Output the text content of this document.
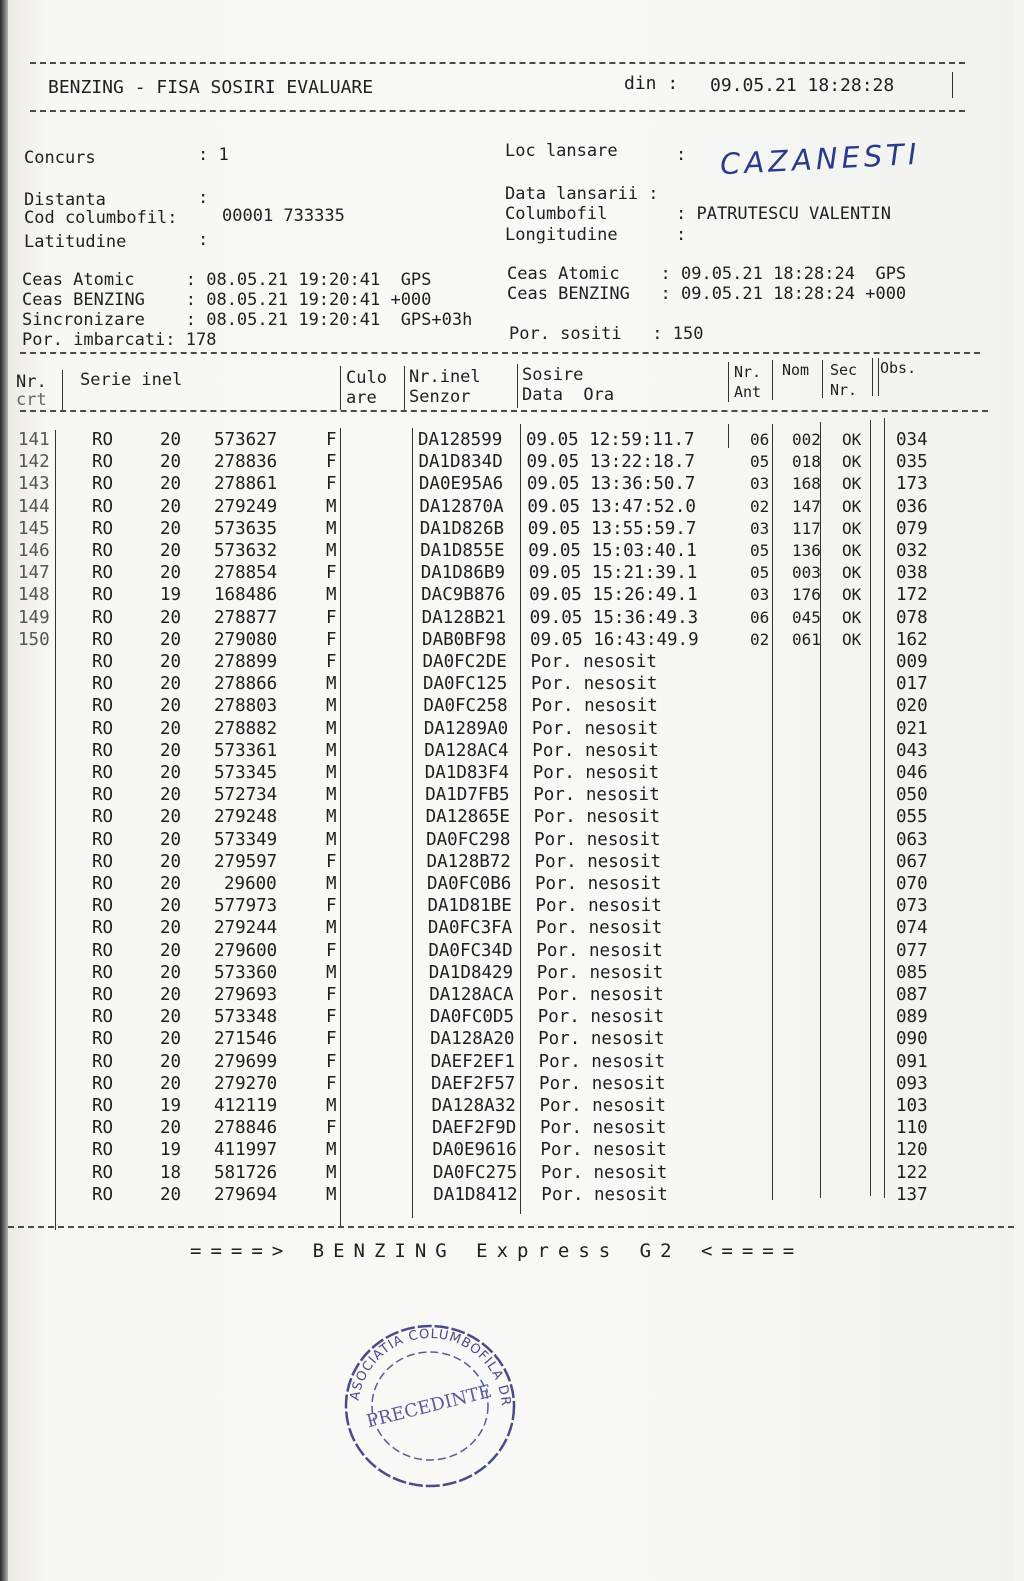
BENZING - FISA SOSIRI EVALUARE	din : 09.05.21 18:28:28
Concurs	: 1	Loc lansare	: CAZANESTI
Distanta	:	Data lansarii :
Cod columbofil:	00001 733335	Columbofil	: PATRUTESCU VALENTIN
Latitudine	:	Longitudine	:
Ceas Atomic     : 08.05.21 19:20:41  GPS
Ceas BENZING    : 08.05.21 19:20:41 +000
Sincronizare    : 08.05.21 19:20:41  GPS+03h
Por. imbarcati: 178
Ceas Atomic    : 09.05.21 18:28:24  GPS
Ceas BENZING   : 09.05.21 18:28:24 +000
Por. sositi   : 150
Nr.
crt
Serie inel	Culo
are
Nr.inel
Senzor
Sosire
Data  Ora
Nr.
Ant
Nom Sec
Nr.
Obs.
141 RO	20 573627	F	DA128599 09.05 12:59:11.7	06 002 OK 034
142 RO	20 278836	F	DA1D834D 09.05 13:22:18.7	05 018 OK 035
143 RO	20 278861	F	DA0E95A6 09.05 13:36:50.7	03 168 OK 173
144 RO	20 279249	M	DA12870A 09.05 13:47:52.0	02 147 OK 036
145 RO	20 573635	M	DA1D826B 09.05 13:55:59.7	03 117 OK 079
146 RO	20 573632	M	DA1D855E 09.05 15:03:40.1	05 136 OK 032
147 RO	20 278854	F	DA1D86B9 09.05 15:21:39.1	05 003 OK 038
148 RO	19 168486	M	DAC9B876 09.05 15:26:49.1	03 176 OK 172
149 RO	20 278877	F	DA128B21 09.05 15:36:49.3	06 045 OK 078
150 RO	20 279080	F	DAB0BF98 09.05 16:43:49.9	02 061 OK 162
RO	20 278899	F	DA0FC2DE Por. nesosit	009
RO	20 278866	M	DA0FC125 Por. nesosit	017
RO	20 278803	M	DA0FC258 Por. nesosit	020
RO	20 278882	M	DA1289A0 Por. nesosit	021
RO	20 573361	M	DA128AC4 Por. nesosit	043
RO	20 573345	M	DA1D83F4 Por. nesosit	046
RO	20 572734	M	DA1D7FB5 Por. nesosit	050
RO	20 279248	M	DA12865E Por. nesosit	055
RO	20 573349	M	DA0FC298 Por. nesosit	063
RO	20 279597	F	DA128B72 Por. nesosit	067
RO	20 29600	M	DA0FC0B6 Por. nesosit	070
RO	20 577973	F	DA1D81BE Por. nesosit	073
RO	20 279244	M	DA0FC3FA Por. nesosit	074
RO	20 279600	F	DA0FC34D Por. nesosit	077
RO	20 573360	M	DA1D8429 Por. nesosit	085
RO	20 279693	F	DA128ACA Por. nesosit	087
RO	20 573348	F	DA0FC0D5 Por. nesosit	089
RO	20 271546	F	DA128A20 Por. nesosit	090
RO	20 279699	F	DAEF2EF1 Por. nesosit	091
RO	20 279270	F	DAEF2F57 Por. nesosit	093
RO	19 412119	M	DA128A32 Por. nesosit	103
RO	20 278846	F	DAEF2F9D Por. nesosit	110
RO	19 411997	M	DA0E9616 Por. nesosit	120
RO	18 581726	M	DA0FC275 Por. nesosit	122
RO	20 279694	M	DA1D8412 Por. nesosit	137
====> BENZING Express G2 <====
ASOCIATIA COLUMBOFILA DR
PRECEDINTE
